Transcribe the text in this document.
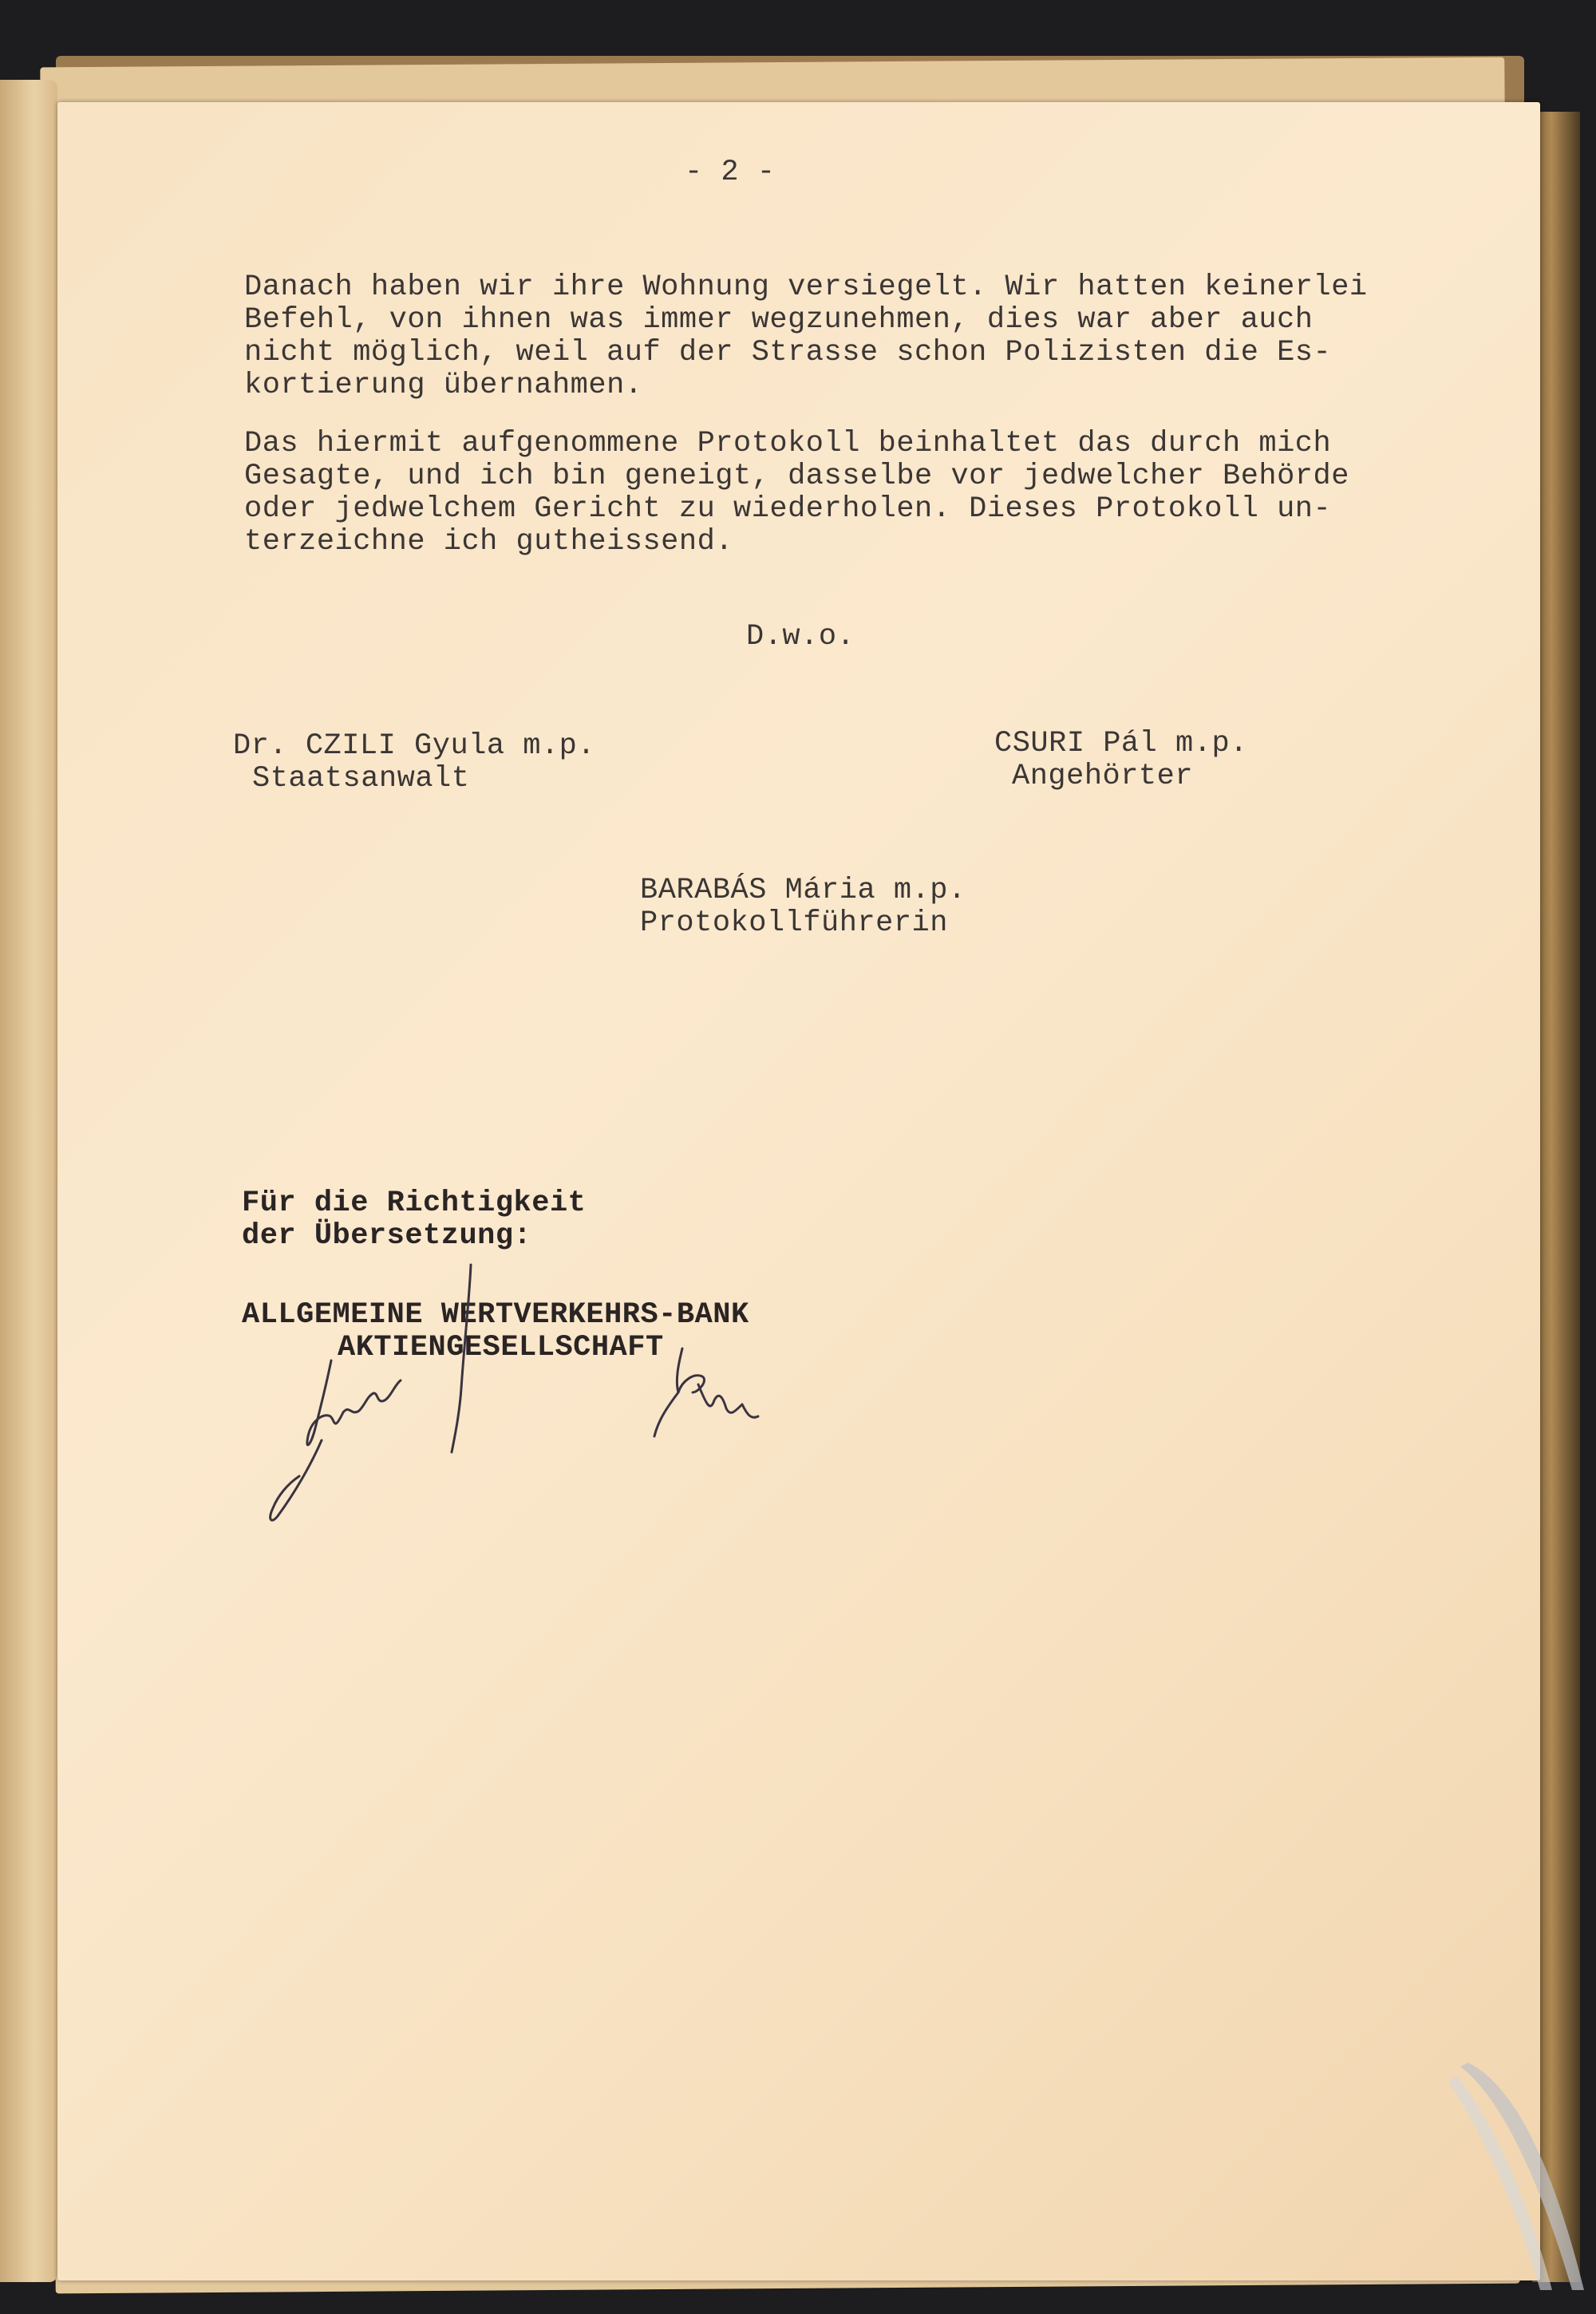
- 2 -
Danach haben wir ihre Wohnung versiegelt. Wir hatten keinerlei
Befehl, von ihnen was immer wegzunehmen, dies war aber auch
nicht möglich, weil auf der Strasse schon Polizisten die Es-
kortierung übernahmen.
Das hiermit aufgenommene Protokoll beinhaltet das durch mich
Gesagte, und ich bin geneigt, dasselbe vor jedwelcher Behörde
oder jedwelchem Gericht zu wiederholen. Dieses Protokoll un-
terzeichne ich gutheissend.
D.w.o.
Dr. CZILI Gyula m.p.
Staatsanwalt
CSURI Pál m.p.
Angehörter
BARABÁS Mária m.p.
Protokollführerin
Für die Richtigkeit
der Übersetzung:
ALLGEMEINE WERTVERKEHRS-BANK
AKTIENGESELLSCHAFT
